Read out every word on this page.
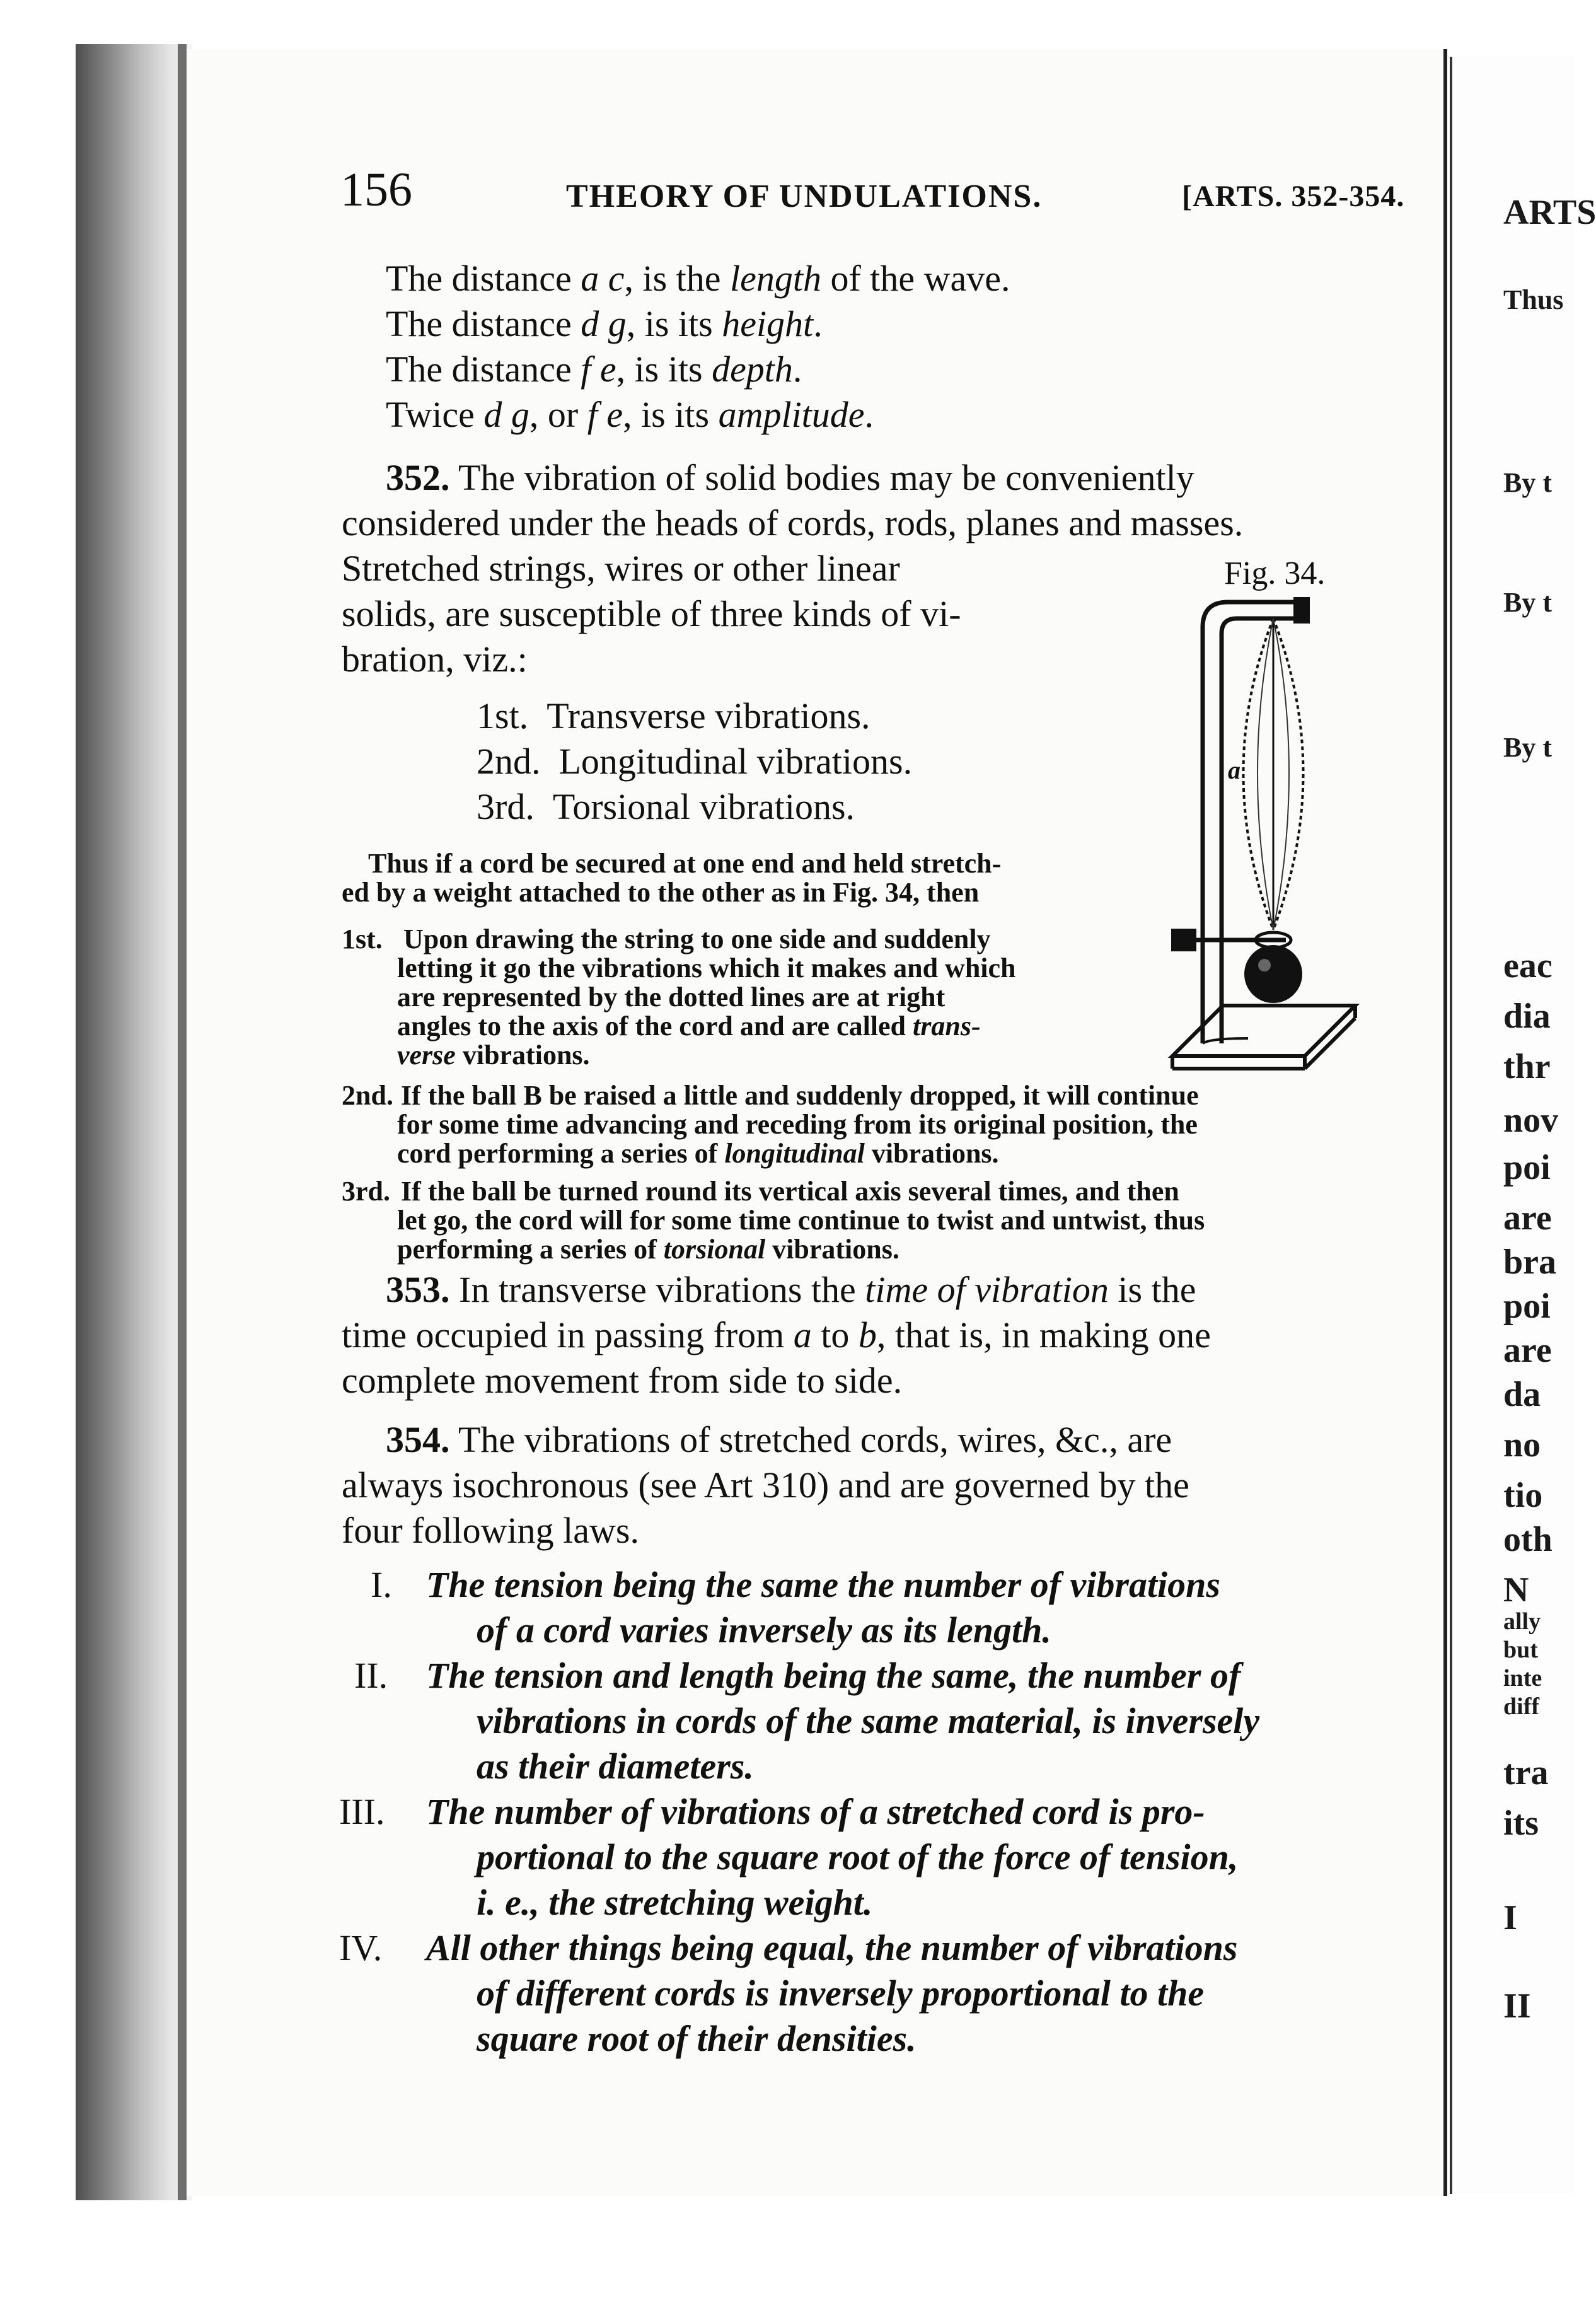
ARTS
Thus
By t
By t
By t
eac
dia
thr
nov
poi
are
bra
poi
are
da
no
tio
oth
N
ally
but
inte
diff
tra
its
I
II
156	THEORY OF UNDULATIONS.	[ARTS. 352-354.
The distance a c, is the length of the wave.
The distance d g, is its height.
The distance f e, is its depth.
Twice d g, or f e, is its amplitude.
352. The vibration of solid bodies may be conveniently
considered under the heads of cords, rods, planes and masses.
Stretched strings, wires or other linear
solids, are susceptible of three kinds of vi-
bration, viz.:
1st. Transverse vibrations.
2nd. Longitudinal vibrations.
3rd. Torsional vibrations.
Thus if a cord be secured at one end and held stretch-
ed by a weight attached to the other as in Fig. 34, then
1st. Upon drawing the string to one side and suddenly
letting it go the vibrations which it makes and which
are represented by the dotted lines are at right
angles to the axis of the cord and are called trans-
verse vibrations.
2nd. If the ball B be raised a little and suddenly dropped, it will continue
for some time advancing and receding from its original position, the
cord performing a series of longitudinal vibrations.
3rd. If the ball be turned round its vertical axis several times, and then
let go, the cord will for some time continue to twist and untwist, thus
performing a series of torsional vibrations.
Fig. 34.
a
353. In transverse vibrations the time of vibration is the
time occupied in passing from a to b, that is, in making one
complete movement from side to side.
354. The vibrations of stretched cords, wires, &c., are
always isochronous (see Art 310) and are governed by the
four following laws.
I. The tension being the same the number of vibrations
of a cord varies inversely as its length.
II. The tension and length being the same, the number of
vibrations in cords of the same material, is inversely
as their diameters.
III. The number of vibrations of a stretched cord is pro-
portional to the square root of the force of tension,
i. e., the stretching weight.
IV. All other things being equal, the number of vibrations
of different cords is inversely proportional to the
square root of their densities.
